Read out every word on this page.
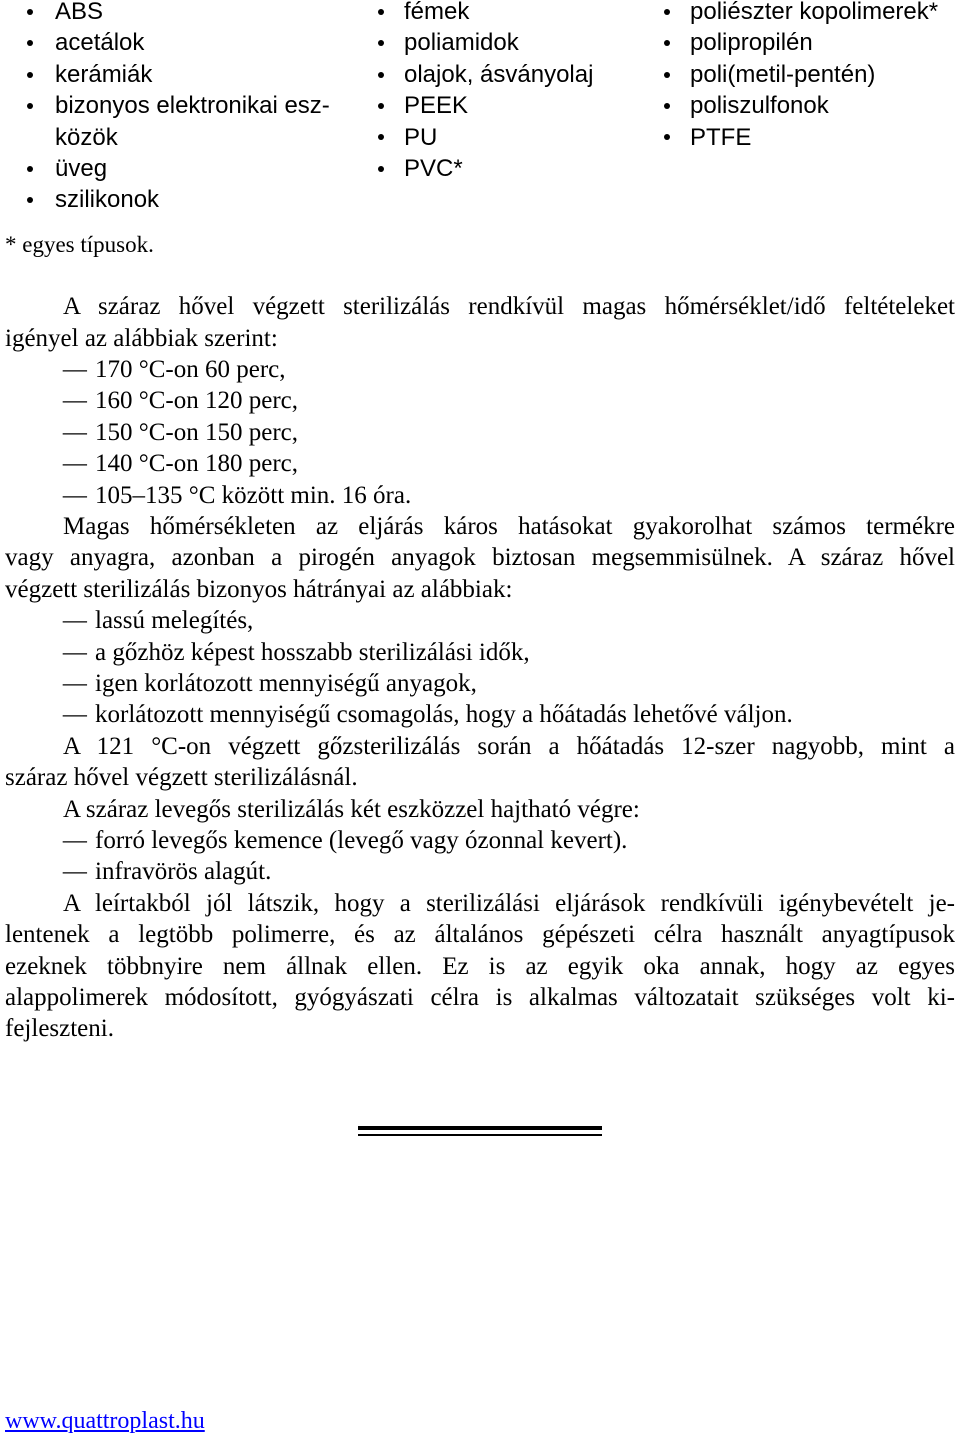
ABS
acetálok
kerámiák
bizonyos elektronikai esz-
közök
üveg
szilikonok
fémek
poliamidok
olajok, ásványolaj
PEEK
PU
PVC*
poliészter kopolimerek*
polipropilén
poli(metil-pentén)
poliszulfonok
PTFE
* egyes típusok.
A száraz hővel végzett sterilizálás rendkívül magas hőmérséklet/idő feltételeket
igényel az alábbiak szerint:
– 170 °C-on 60 perc,
– 160 °C-on 120 perc,
– 150 °C-on 150 perc,
– 140 °C-on 180 perc,
– 105–135 °C között min. 16 óra.
Magas hőmérsékleten az eljárás káros hatásokat gyakorolhat számos termékre
vagy anyagra, azonban a pirogén anyagok biztosan megsemmisülnek. A száraz hővel
végzett sterilizálás bizonyos hátrányai az alábbiak:
– lassú melegítés,
– a gőzhöz képest hosszabb sterilizálási idők,
– igen korlátozott mennyiségű anyagok,
– korlátozott mennyiségű csomagolás, hogy a hőátadás lehetővé váljon.
A 121 °C-on végzett gőzsterilizálás során a hőátadás 12-szer nagyobb, mint a
száraz hővel végzett sterilizálásnál.
A száraz levegős sterilizálás két eszközzel hajtható végre:
– forró levegős kemence (levegő vagy ózonnal kevert).
– infravörös alagút.
A leírtakból jól látszik, hogy a sterilizálási eljárások rendkívüli igénybevételt je-
lentenek a legtöbb polimerre, és az általános gépészeti célra használt anyagtípusok
ezeknek többnyire nem állnak ellen. Ez is az egyik oka annak, hogy az egyes
alappolimerek módosított, gyógyászati célra is alkalmas változatait szükséges volt ki-
fejleszteni.
www.quattroplast.hu
